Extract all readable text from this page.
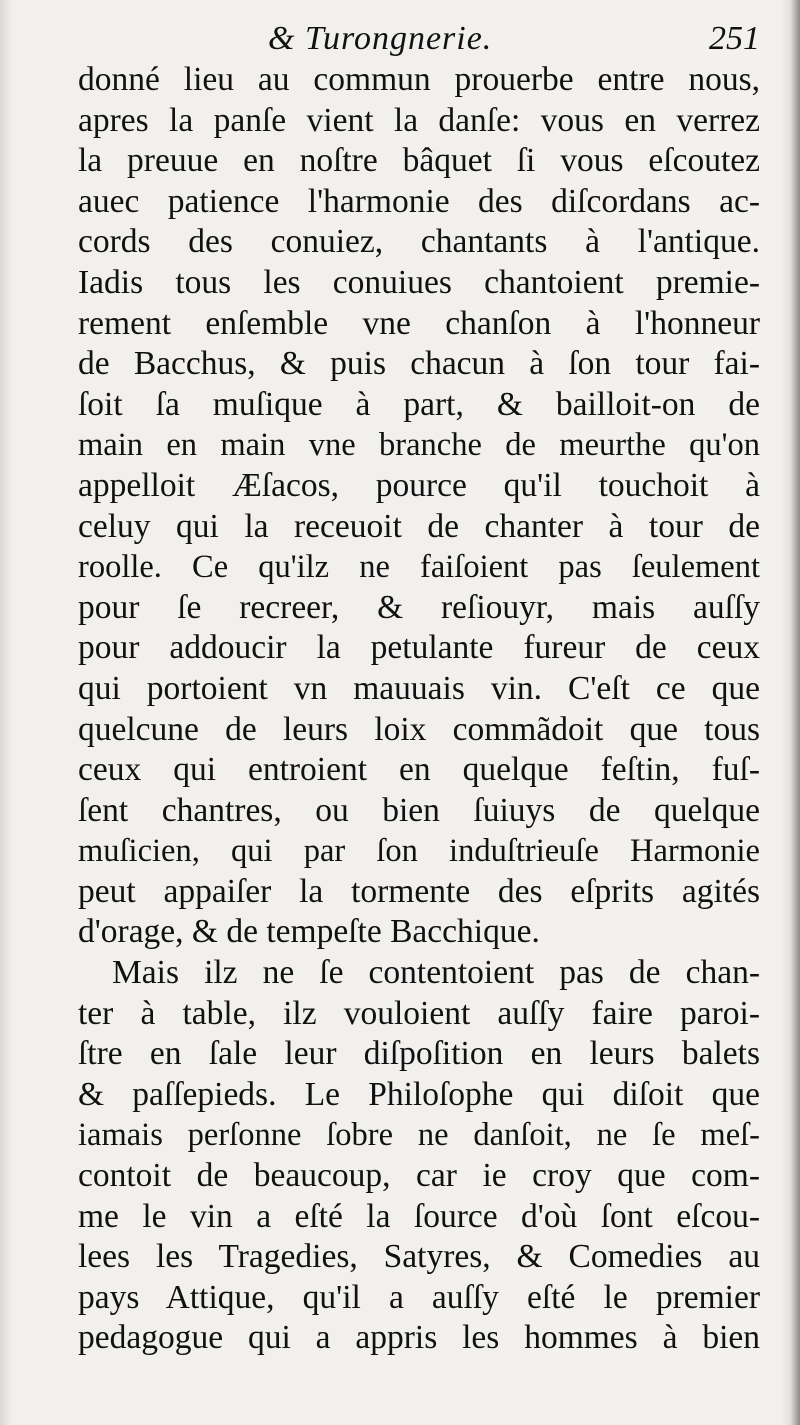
& Turongnerie.	251
donné lieu au commun prouerbe entre nous,
apres la panſe vient la danſe: vous en verrez
la preuue en noſtre bâquet ſi vous eſcoutez
auec patience l'harmonie des diſcordans ac-
cords des conuiez, chantants à l'antique.
Iadis tous les conuiues chantoient premie-
rement enſemble vne chanſon à l'honneur
de Bacchus, & puis chacun à ſon tour fai-
ſoit ſa muſique à part, & bailloit-on de
main en main vne branche de meurthe qu'on
appelloit Æſacos, pource qu'il touchoit à
celuy qui la receuoit de chanter à tour de
roolle. Ce qu'ilz ne faiſoient pas ſeulement
pour ſe recreer, & reſiouyr, mais auſſy
pour addoucir la petulante fureur de ceux
qui portoient vn mauuais vin. C'eſt ce que
quelcune de leurs loix commãdoit que tous
ceux qui entroient en quelque feſtin, fuſ-
ſent chantres, ou bien ſuiuys de quelque
muſicien, qui par ſon induſtrieuſe Harmonie
peut appaiſer la tormente des eſprits agités
d'orage, & de tempeſte Bacchique.
Mais ilz ne ſe contentoient pas de chan-
ter à table, ilz vouloient auſſy faire paroi-
ſtre en ſale leur diſpoſition en leurs balets
& paſſepieds. Le Philoſophe qui diſoit que
iamais perſonne ſobre ne danſoit, ne ſe meſ-
contoit de beaucoup, car ie croy que com-
me le vin a eſté la ſource d'où ſont eſcou-
lees les Tragedies, Satyres, & Comedies au
pays Attique, qu'il a auſſy eſté le premier
pedagogue qui a appris les hommes à bien
